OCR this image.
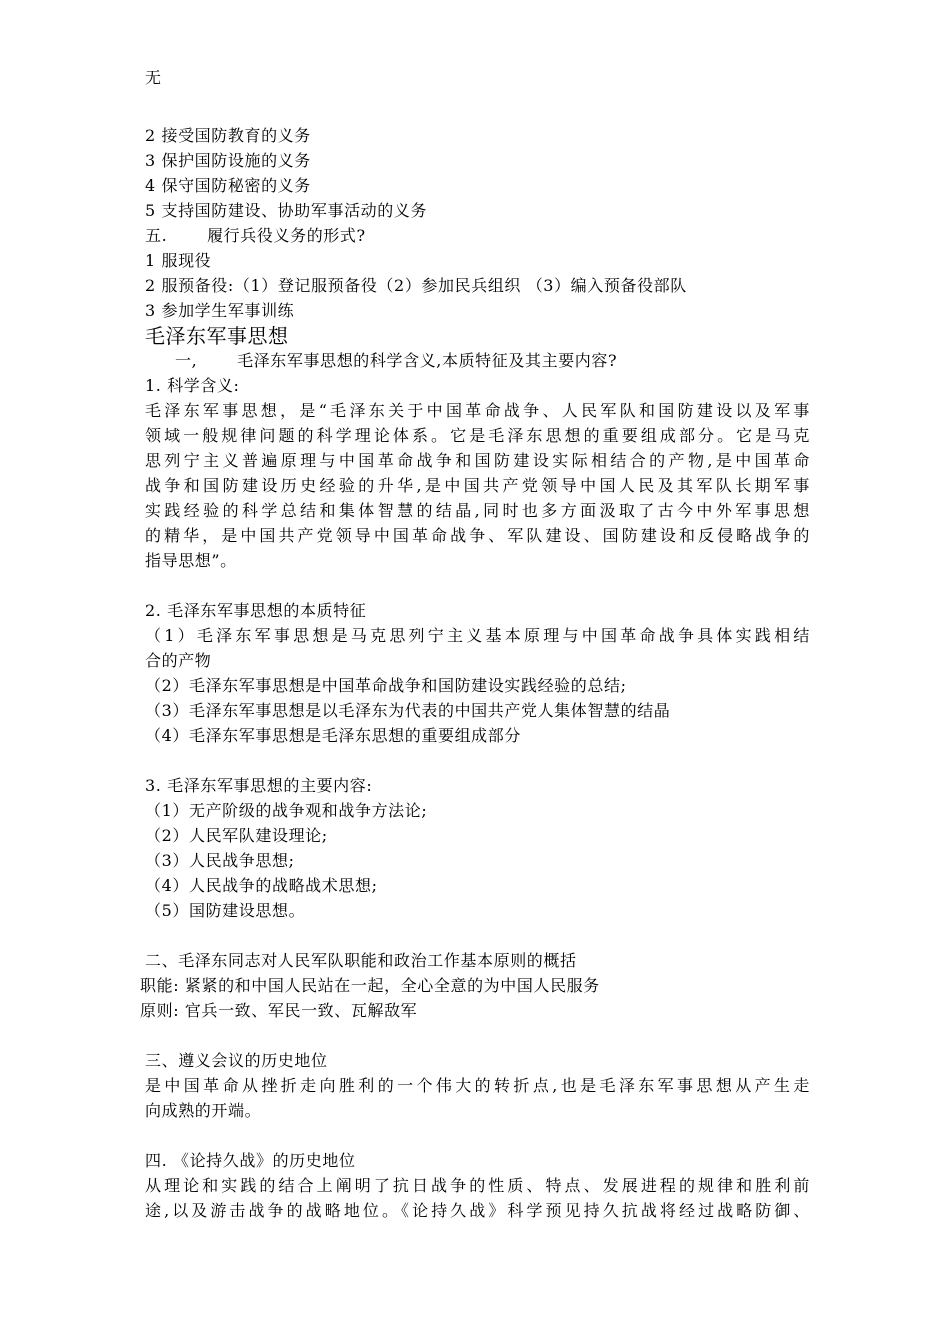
无
2 接受国防教育的义务
3 保护国防设施的义务
4 保守国防秘密的义务
5 支持国防建设、协助军事活动的义务
五.       履行兵役义务的形式?
1 服现役
2 服预备役:（1）登记服预备役（2）参加民兵组织 （3）编入预备役部队
3 参加学生军事训练
毛泽东军事思想
一,       毛泽东军事思想的科学含义,本质特征及其主要内容?
1. 科学含义:
毛泽东军事思想，是“毛泽东关于中国革命战争、人民军队和国防建设以及军事
领域一般规律问题的科学理论体系。它是毛泽东思想的重要组成部分。它是马克
思列宁主义普遍原理与中国革命战争和国防建设实际相结合的产物,是中国革命
战争和国防建设历史经验的升华,是中国共产党领导中国人民及其军队长期军事
实践经验的科学总结和集体智慧的结晶,同时也多方面汲取了古今中外军事思想
的精华，是中国共产党领导中国革命战争、军队建设、国防建设和反侵略战争的
指导思想”。
2. 毛泽东军事思想的本质特征
（1）毛泽东军事思想是马克思列宁主义基本原理与中国革命战争具体实践相结
合的产物
（2）毛泽东军事思想是中国革命战争和国防建设实践经验的总结;
（3）毛泽东军事思想是以毛泽东为代表的中国共产党人集体智慧的结晶
（4）毛泽东军事思想是毛泽东思想的重要组成部分
3. 毛泽东军事思想的主要内容:
（1）无产阶级的战争观和战争方法论;
（2）人民军队建设理论;
（3）人民战争思想;
（4）人民战争的战略战术思想;
（5）国防建设思想。
二、毛泽东同志对人民军队职能和政治工作基本原则的概括
职能: 紧紧的和中国人民站在一起，全心全意的为中国人民服务
原则: 官兵一致、军民一致、瓦解敌军
三、遵义会议的历史地位
是中国革命从挫折走向胜利的一个伟大的转折点,也是毛泽东军事思想从产生走
向成熟的开端。
四. 《论持久战》的历史地位
从理论和实践的结合上阐明了抗日战争的性质、特点、发展进程的规律和胜利前
途,以及游击战争的战略地位。《论持久战》科学预见持久抗战将经过战略防御、
